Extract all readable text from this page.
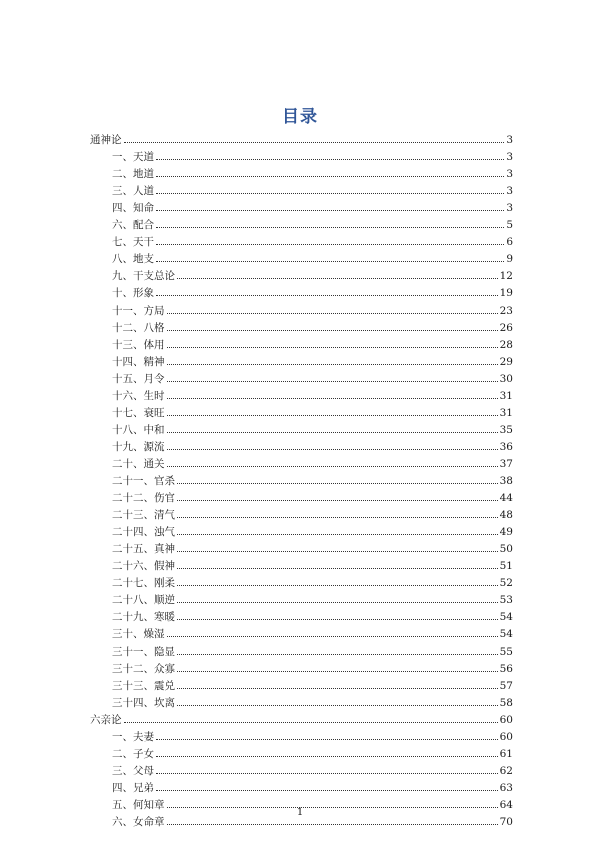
目录
通神论	3
一、天道	3
二、地道	3
三、人道	3
四、知命	3
六、配合	5
七、天干	6
八、地支	9
九、干支总论	12
十、形象	19
十一、方局	23
十二、八格	26
十三、体用	28
十四、精神	29
十五、月令	30
十六、生时	31
十七、衰旺	31
十八、中和	35
十九、源流	36
二十、通关	37
二十一、官杀	38
二十二、伤官	44
二十三、清气	48
二十四、浊气	49
二十五、真神	50
二十六、假神	51
二十七、刚柔	52
二十八、顺逆	53
二十九、寒暖	54
三十、燥湿	54
三十一、隐显	55
三十二、众寡	56
三十三、震兑	57
三十四、坎离	58
六亲论	60
一、夫妻	60
二、子女	61
三、父母	62
四、兄弟	63
五、何知章	64
六、女命章	70
1
